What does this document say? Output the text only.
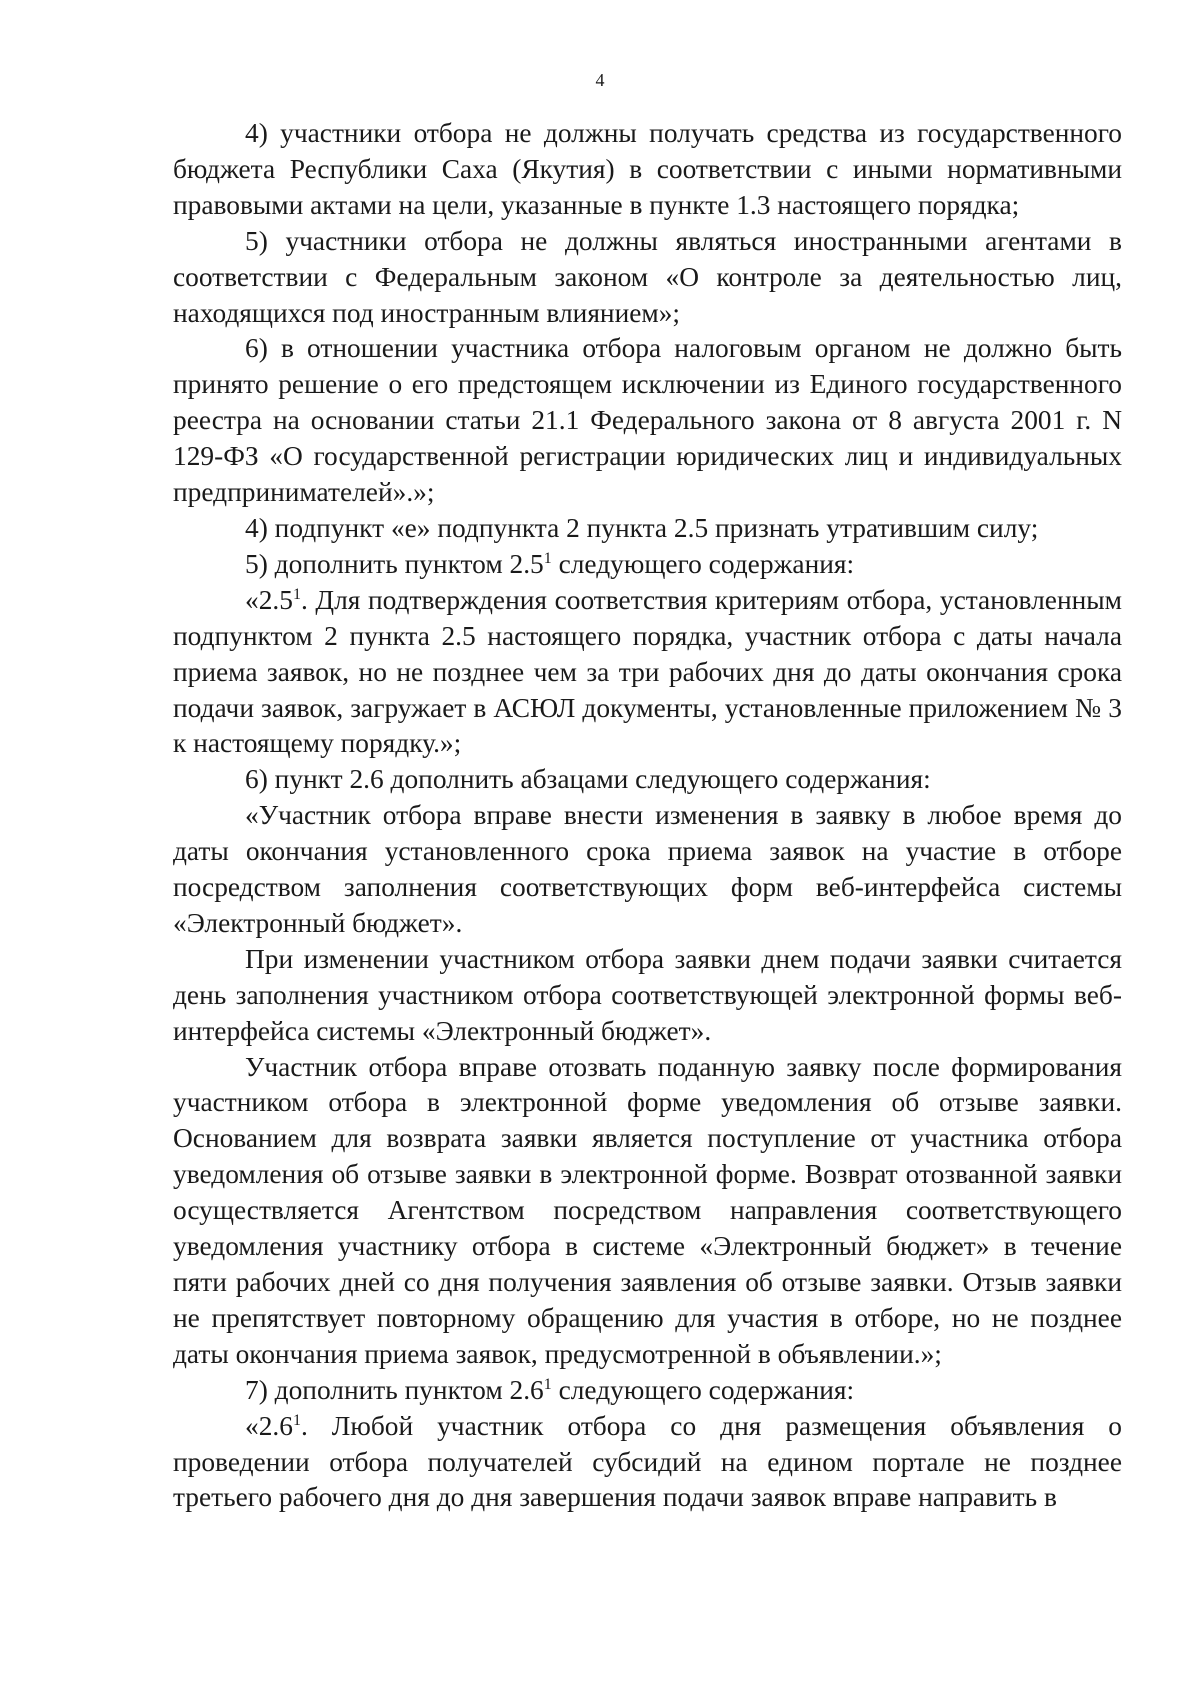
4

4) участники отбора не должны получать средства из государственного бюджета Республики Саха (Якутия) в соответствии с иными нормативными правовыми актами на цели, указанные в пункте 1.3 настоящего порядка;

5) участники отбора не должны являться иностранными агентами в соответствии с Федеральным законом «О контроле за деятельностью лиц, находящихся под иностранным влиянием»;

6) в отношении участника отбора налоговым органом не должно быть принято решение о его предстоящем исключении из Единого государственного реестра на основании статьи 21.1 Федерального закона от 8 августа 2001 г. N 129-ФЗ «О государственной регистрации юридических лиц и индивидуальных предпринимателей».»;

4) подпункт «е» подпункта 2 пункта 2.5 признать утратившим силу;

5) дополнить пунктом $2.5^1$ следующего содержания:

«$2.5^1$. Для подтверждения соответствия критериям отбора, установленным подпунктом 2 пункта 2.5 настоящего порядка, участник отбора с даты начала приема заявок, но не позднее чем за три рабочих дня до даты окончания срока подачи заявок, загружает в АСЮЛ документы, установленные приложением № 3 к настоящему порядку.»;

6) пункт 2.6 дополнить абзацами следующего содержания:

«Участник отбора вправе внести изменения в заявку в любое время до даты окончания установленного срока приема заявок на участие в отборе посредством заполнения соответствующих форм веб-интерфейса системы «Электронный бюджет».

При изменении участником отбора заявки днем подачи заявки считается день заполнения участником отбора соответствующей электронной формы веб-интерфейса системы «Электронный бюджет».

Участник отбора вправе отозвать поданную заявку после формирования участником отбора в электронной форме уведомления об отзыве заявки. Основанием для возврата заявки является поступление от участника отбора уведомления об отзыве заявки в электронной форме. Возврат отозванной заявки осуществляется Агентством посредством направления соответствующего уведомления участнику отбора в системе «Электронный бюджет» в течение пяти рабочих дней со дня получения заявления об отзыве заявки. Отзыв заявки не препятствует повторному обращению для участия в отборе, но не позднее даты окончания приема заявок, предусмотренной в объявлении.»;

7) дополнить пунктом $2.6^1$ следующего содержания:

«$2.6^1$. Любой участник отбора со дня размещения объявления о проведении отбора получателей субсидий на едином портале не позднее третьего рабочего дня до дня завершения подачи заявок вправе направить в
